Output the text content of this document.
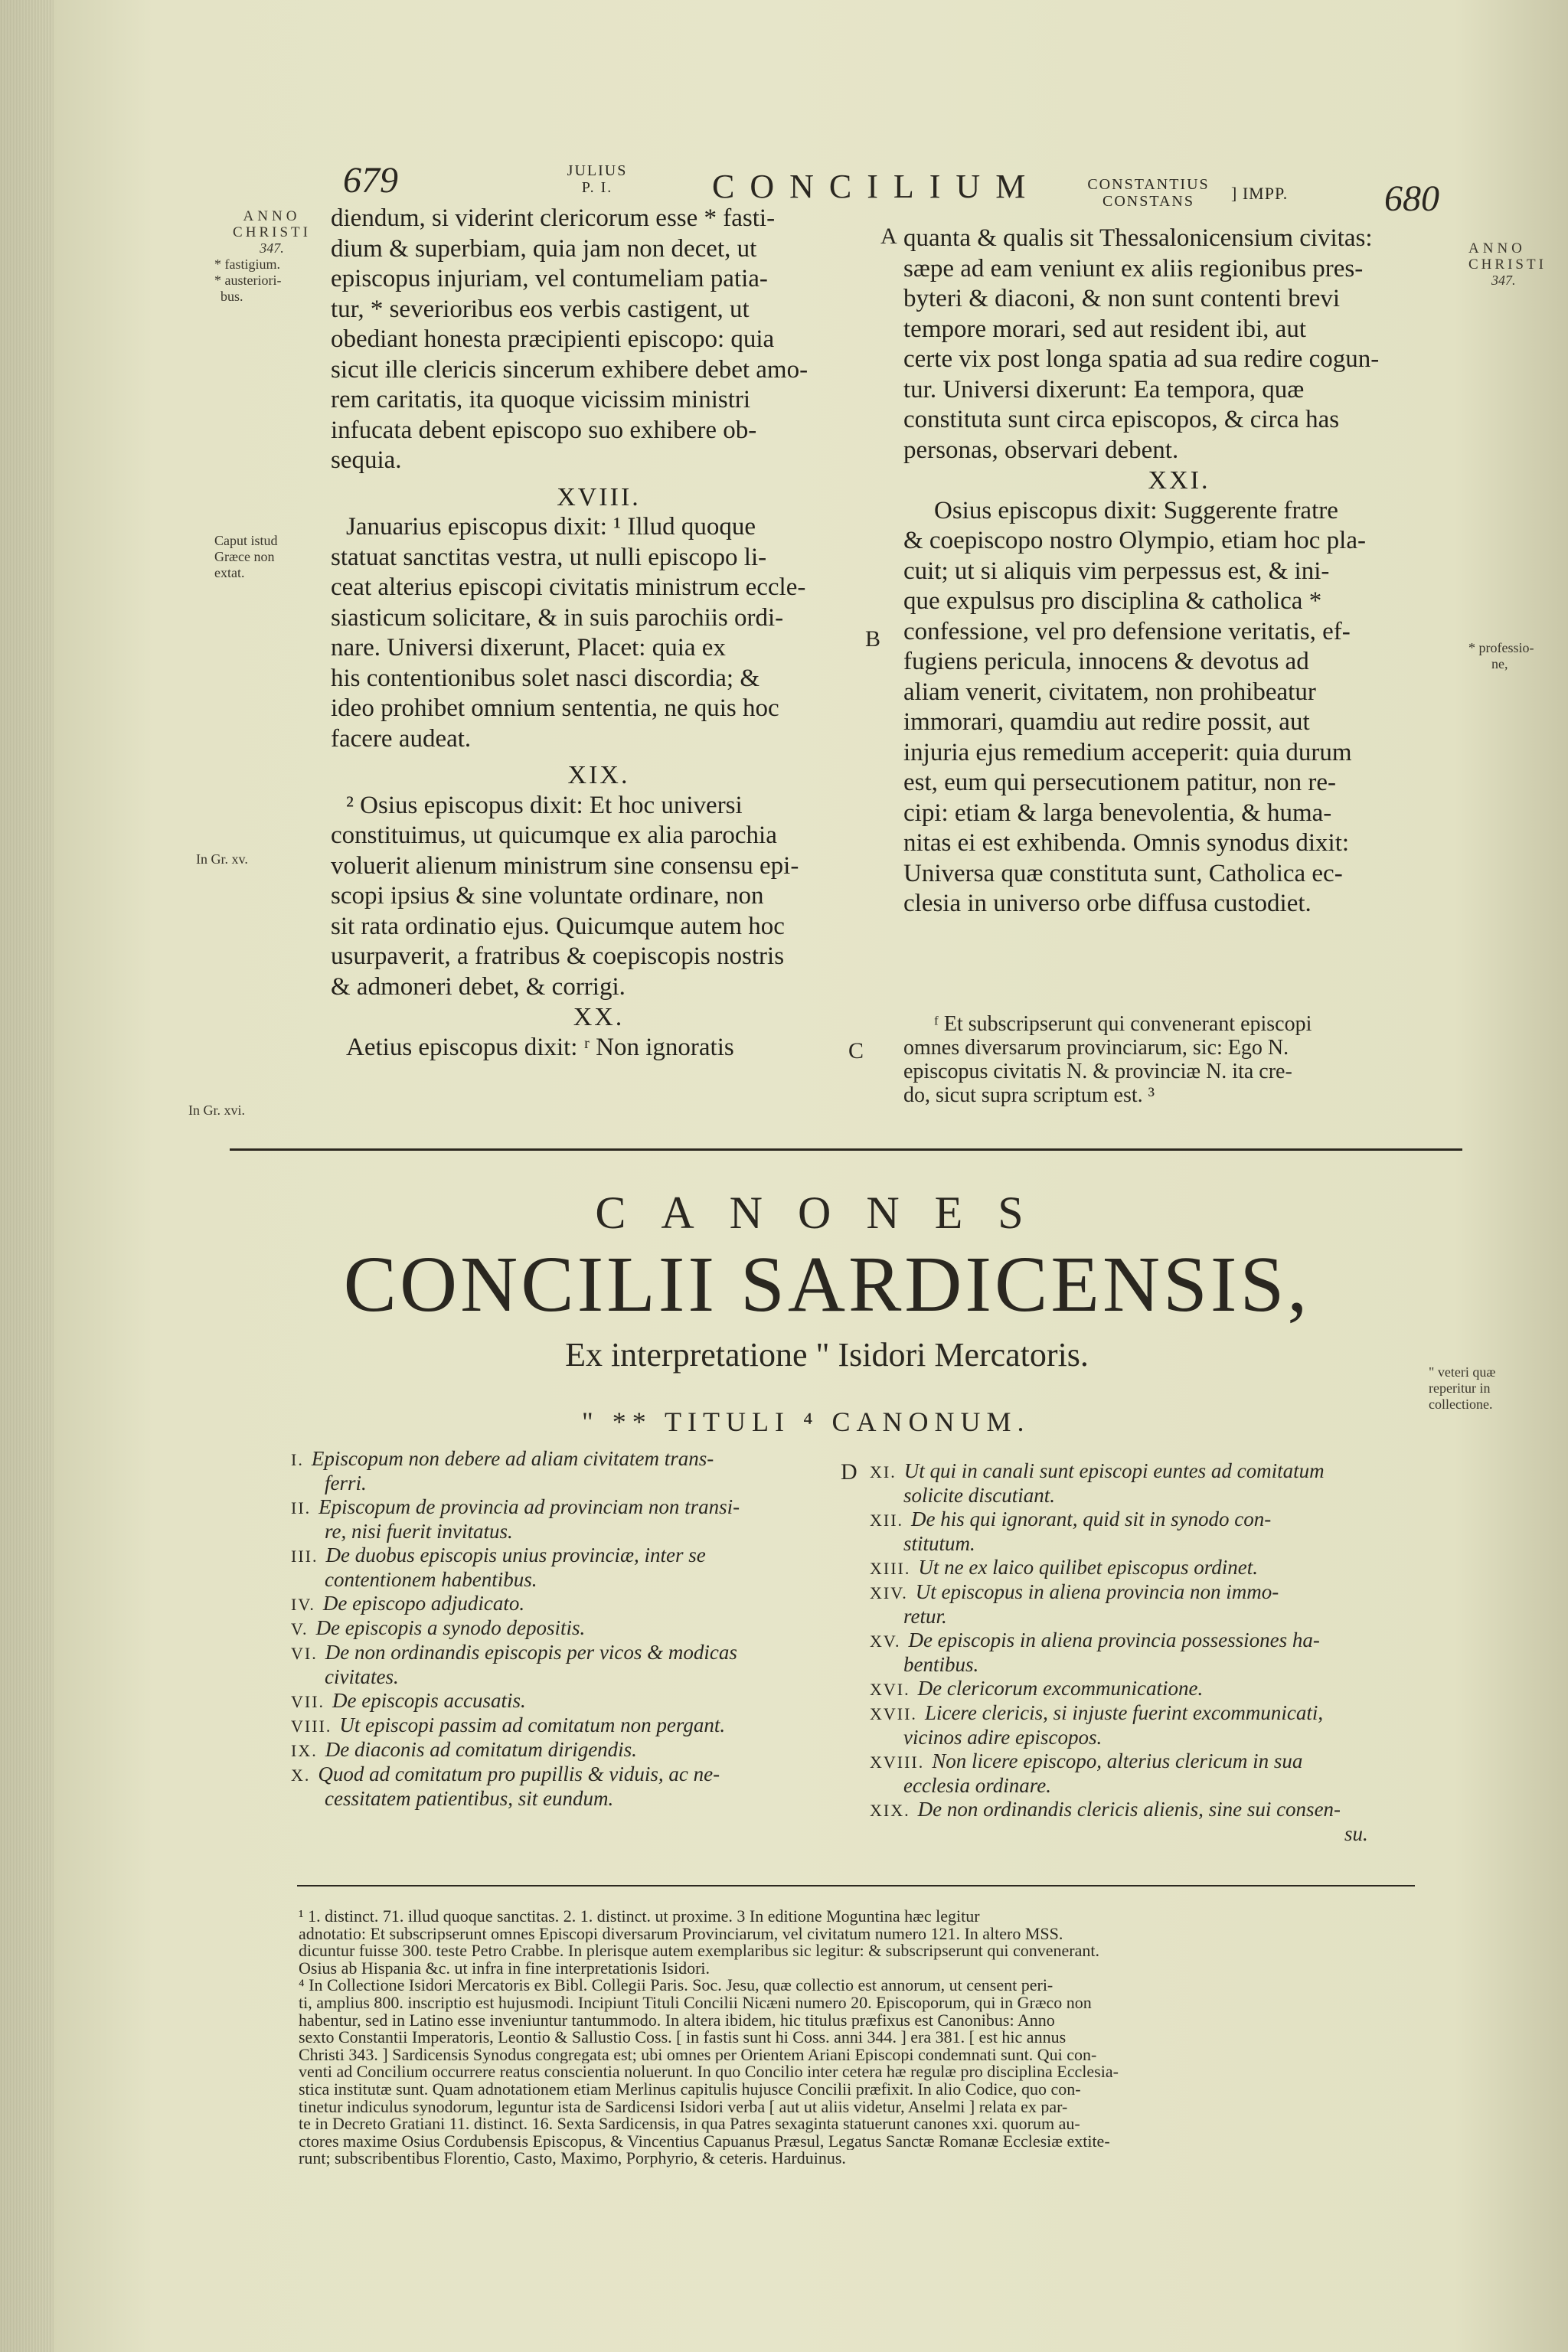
679	JULIUS
P. I.	CONCILIUM	CONSTANTIUS
CONSTANS	] IMPP.	680
ANNO
CHRISTI
347.
* fastigium.
* austeriori-
bus.
Caput istud
Græce non
extat.
In Gr. xv.
In Gr. xvi.
ANNO
CHRISTI
347.
* professio-
ne,
" veteri quæ
reperitur in
collectione.
A
B
C
D
diendum, si viderint clericorum esse * fasti-
dium & superbiam, quia jam non decet, ut
episcopus injuriam, vel contumeliam patia-
tur, * severioribus eos verbis castigent, ut
obediant honesta præcipienti episcopo: quia
sicut ille clericis sincerum exhibere debet amo-
rem caritatis, ita quoque vicissim ministri
infucata debent episcopo suo exhibere ob-
sequia.
XVIII.
Januarius episcopus dixit: ¹ Illud quoque
statuat sanctitas vestra, ut nulli episcopo li-
ceat alterius episcopi civitatis ministrum eccle-
siasticum solicitare, & in suis parochiis ordi-
nare. Universi dixerunt, Placet: quia ex
his contentionibus solet nasci discordia; &
ideo prohibet omnium sententia, ne quis hoc
facere audeat.
XIX.
² Osius episcopus dixit: Et hoc universi
constituimus, ut quicumque ex alia parochia
voluerit alienum ministrum sine consensu epi-
scopi ipsius & sine voluntate ordinare, non
sit rata ordinatio ejus. Quicumque autem hoc
usurpaverit, a fratribus & coepiscopis nostris
& admoneri debet, & corrigi.
XX.
Aetius episcopus dixit: ʳ Non ignoratis
quanta & qualis sit Thessalonicensium civitas:
sæpe ad eam veniunt ex aliis regionibus pres-
byteri & diaconi, & non sunt contenti brevi
tempore morari, sed aut resident ibi, aut
certe vix post longa spatia ad sua redire cogun-
tur. Universi dixerunt: Ea tempora, quæ
constituta sunt circa episcopos, & circa has
personas, observari debent.
XXI.
Osius episcopus dixit: Suggerente fratre
& coepiscopo nostro Olympio, etiam hoc pla-
cuit; ut si aliquis vim perpessus est, & ini-
que expulsus pro disciplina & catholica *
confessione, vel pro defensione veritatis, ef-
fugiens pericula, innocens & devotus ad
aliam venerit, civitatem, non prohibeatur
immorari, quamdiu aut redire possit, aut
injuria ejus remedium acceperit: quia durum
est, eum qui persecutionem patitur, non re-
cipi: etiam & larga benevolentia, & huma-
nitas ei est exhibenda. Omnis synodus dixit:
Universa quæ constituta sunt, Catholica ec-
clesia in universo orbe diffusa custodiet.
ᶠ Et subscripserunt qui convenerant episcopi
omnes diversarum provinciarum, sic: Ego N.
episcopus civitatis N. & provinciæ N. ita cre-
do, sicut supra scriptum est. ³
CANONES
CONCILII SARDICENSIS,
Ex interpretatione " Isidori Mercatoris.
" ** TITULI ⁴ CANONUM.
I. Episcopum non debere ad aliam civitatem trans-
ferri.
II. Episcopum de provincia ad provinciam non transi-
re, nisi fuerit invitatus.
III. De duobus episcopis unius provinciæ, inter se
contentionem habentibus.
IV. De episcopo adjudicato.
V. De episcopis a synodo depositis.
VI. De non ordinandis episcopis per vicos & modicas
civitates.
VII. De episcopis accusatis.
VIII. Ut episcopi passim ad comitatum non pergant.
IX. De diaconis ad comitatum dirigendis.
X. Quod ad comitatum pro pupillis & viduis, ac ne-
cessitatem patientibus, sit eundum.
XI. Ut qui in canali sunt episcopi euntes ad comitatum
solicite discutiant.
XII. De his qui ignorant, quid sit in synodo con-
stitutum.
XIII. Ut ne ex laico quilibet episcopus ordinet.
XIV. Ut episcopus in aliena provincia non immo-
retur.
XV. De episcopis in aliena provincia possessiones ha-
bentibus.
XVI. De clericorum excommunicatione.
XVII. Licere clericis, si injuste fuerint excommunicati,
vicinos adire episcopos.
XVIII. Non licere episcopo, alterius clericum in sua
ecclesia ordinare.
XIX. De non ordinandis clericis alienis, sine sui consen-
su.
¹ 1. distinct. 71. illud quoque sanctitas. 2. 1. distinct. ut proxime. 3 In editione Moguntina hæc legitur
adnotatio: Et subscripserunt omnes Episcopi diversarum Provinciarum, vel civitatum numero 121. In altero MSS.
dicuntur fuisse 300. teste Petro Crabbe. In plerisque autem exemplaribus sic legitur: & subscripserunt qui convenerant.
Osius ab Hispania &c. ut infra in fine interpretationis Isidori.
⁴ In Collectione Isidori Mercatoris ex Bibl. Collegii Paris. Soc. Jesu, quæ collectio est annorum, ut censent peri-
ti, amplius 800. inscriptio est hujusmodi. Incipiunt Tituli Concilii Nicæni numero 20. Episcoporum, qui in Græco non
habentur, sed in Latino esse inveniuntur tantummodo. In altera ibidem, hic titulus præfixus est Canonibus: Anno
sexto Constantii Imperatoris, Leontio & Sallustio Coss. [ in fastis sunt hi Coss. anni 344. ] era 381. [ est hic annus
Christi 343. ] Sardicensis Synodus congregata est; ubi omnes per Orientem Ariani Episcopi condemnati sunt. Qui con-
venti ad Concilium occurrere reatus conscientia noluerunt. In quo Concilio inter cetera hæ regulæ pro disciplina Ecclesia-
stica institutæ sunt. Quam adnotationem etiam Merlinus capitulis hujusce Concilii præfixit. In alio Codice, quo con-
tinetur indiculus synodorum, leguntur ista de Sardicensi Isidori verba [ aut ut aliis videtur, Anselmi ] relata ex par-
te in Decreto Gratiani 11. distinct. 16. Sexta Sardicensis, in qua Patres sexaginta statuerunt canones xxi. quorum au-
ctores maxime Osius Cordubensis Episcopus, & Vincentius Capuanus Præsul, Legatus Sanctæ Romanæ Ecclesiæ extite-
runt; subscribentibus Florentio, Casto, Maximo, Porphyrio, & ceteris. Harduinus.
